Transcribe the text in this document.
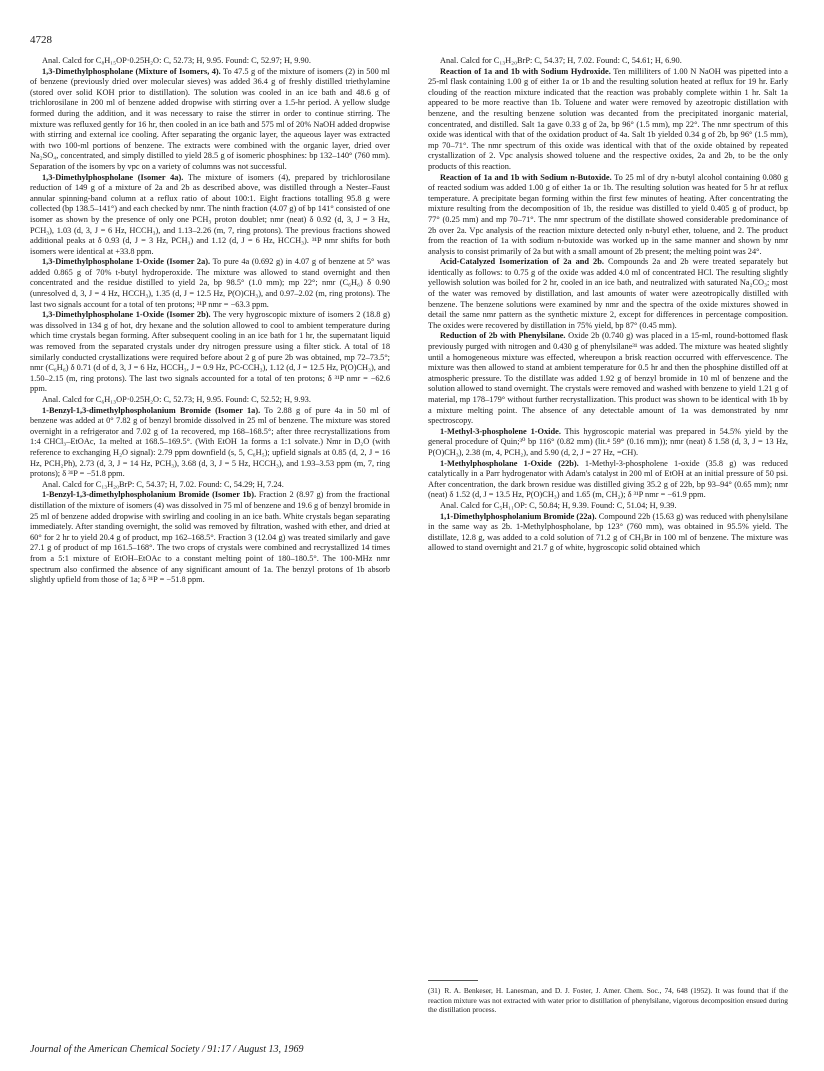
4728

Anal. Calcd for C₈H₁₅OP·0.25H₂O: C, 52.73; H, 9.95. Found: C, 52.97; H, 9.90.

1,3-Dimethylphospholane (Mixture of Isomers, 4). To 47.5 g of the mixture of isomers (2) in 500 ml of benzene (previously dried over molecular sieves) was added 36.4 g of freshly distilled triethylamine (stored over solid KOH prior to distillation). The solution was cooled in an ice bath and 48.6 g of trichlorosilane in 200 ml of benzene added dropwise with stirring over a 1.5-hr period. A yellow sludge formed during the addition, and it was necessary to raise the stirrer in order to continue stirring. The mixture was refluxed gently for 16 hr, then cooled in an ice bath and 575 ml of 20% NaOH added dropwise with stirring and external ice cooling. After separating the organic layer, the aqueous layer was extracted with two 100-ml portions of benzene. The extracts were combined with the organic layer, dried over Na₂SO₄, concentrated, and simply distilled to yield 28.5 g of isomeric phosphines: bp 132–140° (760 mm). Separation of the isomers by vpc on a variety of columns was not successful.

1,3-Dimethylphospholane (Isomer 4a). The mixture of isomers (4), prepared by trichlorosilane reduction of 149 g of a mixture of 2a and 2b as described above, was distilled through a Nester–Faust annular spinning-band column at a reflux ratio of about 100:1. Eight fractions totalling 95.8 g were collected (bp 138.5–141°) and each checked by nmr. The ninth fraction (4.07 g) of bp 141° consisted of one isomer as shown by the presence of only one PCH₃ proton doublet; nmr (neat) δ 0.92 (d, 3, J = 3 Hz, PCH₃), 1.03 (d, 3, J = 6 Hz, HCCH₃), and 1.13–2.26 (m, 7, ring protons). The previous fractions showed additional peaks at δ 0.93 (d, J = 3 Hz, PCH₃) and 1.12 (d, J = 6 Hz, HCCH₃). ³¹P nmr shifts for both isomers were identical at +33.8 ppm.

1,3-Dimethylphospholane 1-Oxide (Isomer 2a). To pure 4a (0.692 g) in 4.07 g of benzene at 5° was added 0.865 g of 70% t-butyl hydroperoxide. The mixture was allowed to stand overnight and then concentrated and the residue distilled to yield 2a, bp 98.5° (1.0 mm); mp 22°; nmr (C₆H₆) δ 0.90 (unresolved d, 3, J = 4 Hz, HCCH₃), 1.35 (d, J = 12.5 Hz, P(O)CH₃), and 0.97–2.02 (m, ring protons). The last two signals account for a total of ten protons; ³¹P nmr = −63.3 ppm.

1,3-Dimethylphospholane 1-Oxide (Isomer 2b). The very hygroscopic mixture of isomers 2 (18.8 g) was dissolved in 134 g of hot, dry hexane and the solution allowed to cool to ambient temperature during which time crystals began forming. After subsequent cooling in an ice bath for 1 hr, the supernatant liquid was removed from the separated crystals under dry nitrogen pressure using a filter stick. A total of 18 similarly conducted crystallizations were required before about 2 g of pure 2b was obtained, mp 72–73.5°; nmr (C₆H₆) δ 0.71 (d of d, 3, J = 6 Hz, HCCH₃, J = 0.9 Hz, PC-CCH₃), 1.12 (d, J = 12.5 Hz, P(O)CH₃), and 1.50–2.15 (m, ring protons). The last two signals accounted for a total of ten protons; δ ³¹P nmr = −62.6 ppm.

Anal. Calcd for C₆H₁₃OP·0.25H₂O: C, 52.73; H, 9.95. Found: C, 52.52; H, 9.93.

1-Benzyl-1,3-dimethylphospholanium Bromide (Isomer 1a). To 2.88 g of pure 4a in 50 ml of benzene was added at 0° 7.82 g of benzyl bromide dissolved in 25 ml of benzene. The mixture was stored overnight in a refrigerator and 7.02 g of 1a recovered, mp 168–168.5°; after three recrystallizations from 1:4 CHCl₃–EtOAc, 1a melted at 168.5–169.5°. (With EtOH 1a forms a 1:1 solvate.) Nmr in D₂O (with reference to exchanging H₂O signal): 2.79 ppm downfield (s, 5, C₆H₅); upfield signals at 0.85 (d, 2, J = 16 Hz, PCH₂Ph), 2.73 (d, 3, J = 14 Hz, PCH₃), 3.68 (d, 3, J = 5 Hz, HCCH₃), and 1.93–3.53 ppm (m, 7, ring protons); δ ³¹P = −51.8 ppm.

Anal. Calcd for C₁₃H₂₀BrP: C, 54.37; H, 7.02. Found: C, 54.29; H, 7.24.

1-Benzyl-1,3-dimethylphospholanium Bromide (Isomer 1b). Fraction 2 (8.97 g) from the fractional distillation of the mixture of isomers (4) was dissolved in 75 ml of benzene and 19.6 g of benzyl bromide in 25 ml of benzene added dropwise with swirling and cooling in an ice bath. White crystals began separating immediately. After standing overnight, the solid was removed by filtration, washed with ether, and dried at 60° for 2 hr to yield 20.4 g of product, mp 162–168.5°. Fraction 3 (12.04 g) was treated similarly and gave 27.1 g of product of mp 161.5–168°. The two crops of crystals were combined and recrystallized 14 times from a 5:1 mixture of EtOH–EtOAc to a constant melting point of 180–180.5°. The 100-MHz nmr spectrum also confirmed the absence of any significant amount of 1a. The benzyl protons of 1b absorb slightly upfield from those of 1a; δ ³¹P = −51.8 ppm.

Anal. Calcd for C₁₃H₂₀BrP: C, 54.37; H, 7.02. Found: C, 54.61; H, 6.90.

Reaction of 1a and 1b with Sodium Hydroxide. Ten milliliters of 1.00 N NaOH was pipetted into a 25-ml flask containing 1.00 g of either 1a or 1b and the resulting solution heated at reflux for 19 hr. Early clouding of the reaction mixture indicated that the reaction was probably complete within 1 hr. Salt 1a appeared to be more reactive than 1b. Toluene and water were removed by azeotropic distillation with benzene, and the resulting benzene solution was decanted from the precipitated inorganic material, concentrated, and distilled. Salt 1a gave 0.33 g of 2a, bp 96° (1.5 mm), mp 22°. The nmr spectrum of this oxide was identical with that of the oxidation product of 4a. Salt 1b yielded 0.34 g of 2b, bp 96° (1.5 mm), mp 70–71°. The nmr spectrum of this oxide was identical with that of the oxide obtained by repeated crystallization of 2. Vpc analysis showed toluene and the respective oxides, 2a and 2b, to be the only products of this reaction.

Reaction of 1a and 1b with Sodium n-Butoxide. To 25 ml of dry n-butyl alcohol containing 0.080 g of reacted sodium was added 1.00 g of either 1a or 1b. The resulting solution was heated for 5 hr at reflux temperature. A precipitate began forming within the first few minutes of heating. After concentrating the mixture resulting from the decomposition of 1b, the residue was distilled to yield 0.405 g of product, bp 77° (0.25 mm) and mp 70–71°. The nmr spectrum of the distillate showed considerable predominance of 2b over 2a. Vpc analysis of the reaction mixture detected only n-butyl ether, toluene, and 2. The product from the reaction of 1a with sodium n-butoxide was worked up in the same manner and shown by nmr analysis to consist primarily of 2a but with a small amount of 2b present; the melting point was 24°.

Acid-Catalyzed Isomerization of 2a and 2b. Compounds 2a and 2b were treated separately but identically as follows: to 0.75 g of the oxide was added 4.0 ml of concentrated HCl. The resulting slightly yellowish solution was boiled for 2 hr, cooled in an ice bath, and neutralized with saturated Na₂CO₃; most of the water was removed by distillation, and last amounts of water were azeotropically distilled with benzene. The benzene solutions were examined by nmr and the spectra of the oxide mixtures showed in detail the same nmr pattern as the synthetic mixture 2, except for differences in percentage composition. The oxides were recovered by distillation in 75% yield, bp 87° (0.45 mm).

Reduction of 2b with Phenylsilane. Oxide 2b (0.740 g) was placed in a 15-ml, round-bottomed flask previously purged with nitrogen and 0.430 g of phenylsilane³¹ was added. The mixture was heated slightly until a homogeneous mixture was effected, whereupon a brisk reaction occurred with effervescence. The mixture was then allowed to stand at ambient temperature for 0.5 hr and then the phosphine distilled off at atmospheric pressure. To the distillate was added 1.92 g of benzyl bromide in 10 ml of benzene and the solution allowed to stand overnight. The crystals were removed and washed with benzene to yield 1.21 g of material, mp 178–179° without further recrystallization. This product was shown to be identical with 1b by a mixture melting point. The absence of any detectable amount of 1a was demonstrated by nmr spectroscopy.

1-Methyl-3-phospholene 1-Oxide. This hygroscopic material was prepared in 54.5% yield by the general procedure of Quin;³⁰ bp 116° (0.82 mm) (lit.⁴ 59° (0.16 mm)); nmr (neat) δ 1.58 (d, 3, J = 13 Hz, P(O)CH₃), 2.38 (m, 4, PCH₂), and 5.90 (d, 2, J = 27 Hz, =CH).

1-Methylphospholane 1-Oxide (22b). 1-Methyl-3-phospholene 1-oxide (35.8 g) was reduced catalytically in a Parr hydrogenator with Adam's catalyst in 200 ml of EtOH at an initial pressure of 50 psi. After concentration, the dark brown residue was distilled giving 35.2 g of 22b, bp 93–94° (0.65 mm); nmr (neat) δ 1.52 (d, J = 13.5 Hz, P(O)CH₃) and 1.65 (m, CH₂); δ ³¹P nmr = −61.9 ppm.

Anal. Calcd for C₅H₁₁OP: C, 50.84; H, 9.39. Found: C, 51.04; H, 9.39.

1,1-Dimethylphospholanium Bromide (22a). Compound 22b (15.63 g) was reduced with phenylsilane in the same way as 2b. 1-Methylphospholane, bp 123° (760 mm), was obtained in 95.5% yield. The distillate, 12.8 g, was added to a cold solution of 71.2 g of CH₃Br in 100 ml of benzene. The mixture was allowed to stand overnight and 21.7 g of white, hygroscopic solid obtained which

(31) R. A. Benkeser, H. Lanesman, and D. J. Foster, J. Amer. Chem. Soc., 74, 648 (1952). It was found that if the reaction mixture was not extracted with water prior to distillation of phenylsilane, vigorous decomposition ensued during the distillation process.
Journal of the American Chemical Society / 91:17 / August 13, 1969
